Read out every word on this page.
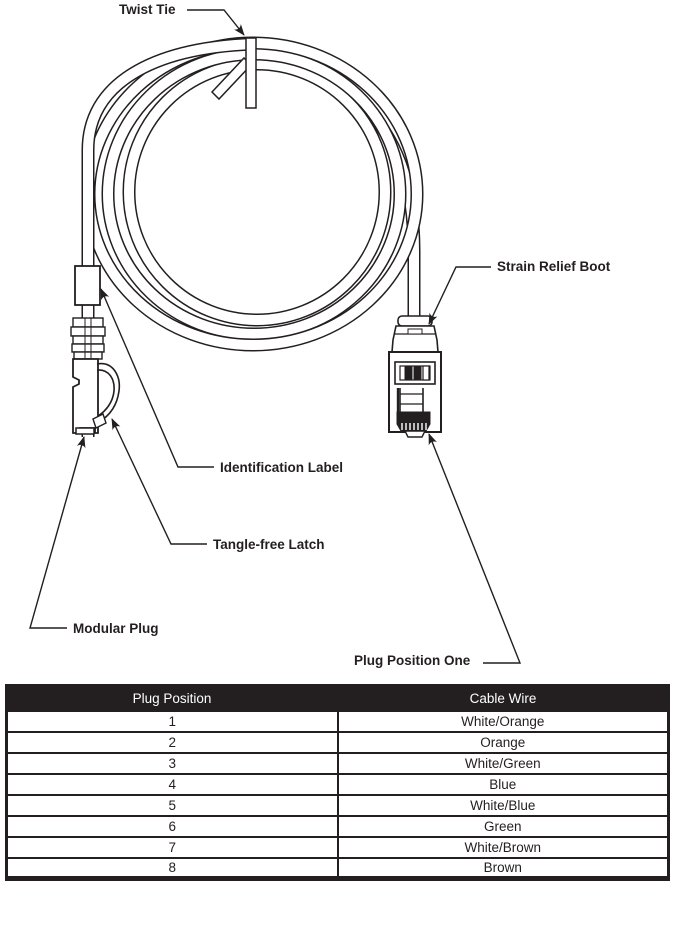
Twist Tie
Strain Relief Boot
Identification Label
Tangle-free Latch
Modular Plug
Plug Position One
Plug Position	Cable Wire
1	White/Orange
2	Orange
3	White/Green
4	Blue
5	White/Blue
6	Green
7	White/Brown
8	Brown
